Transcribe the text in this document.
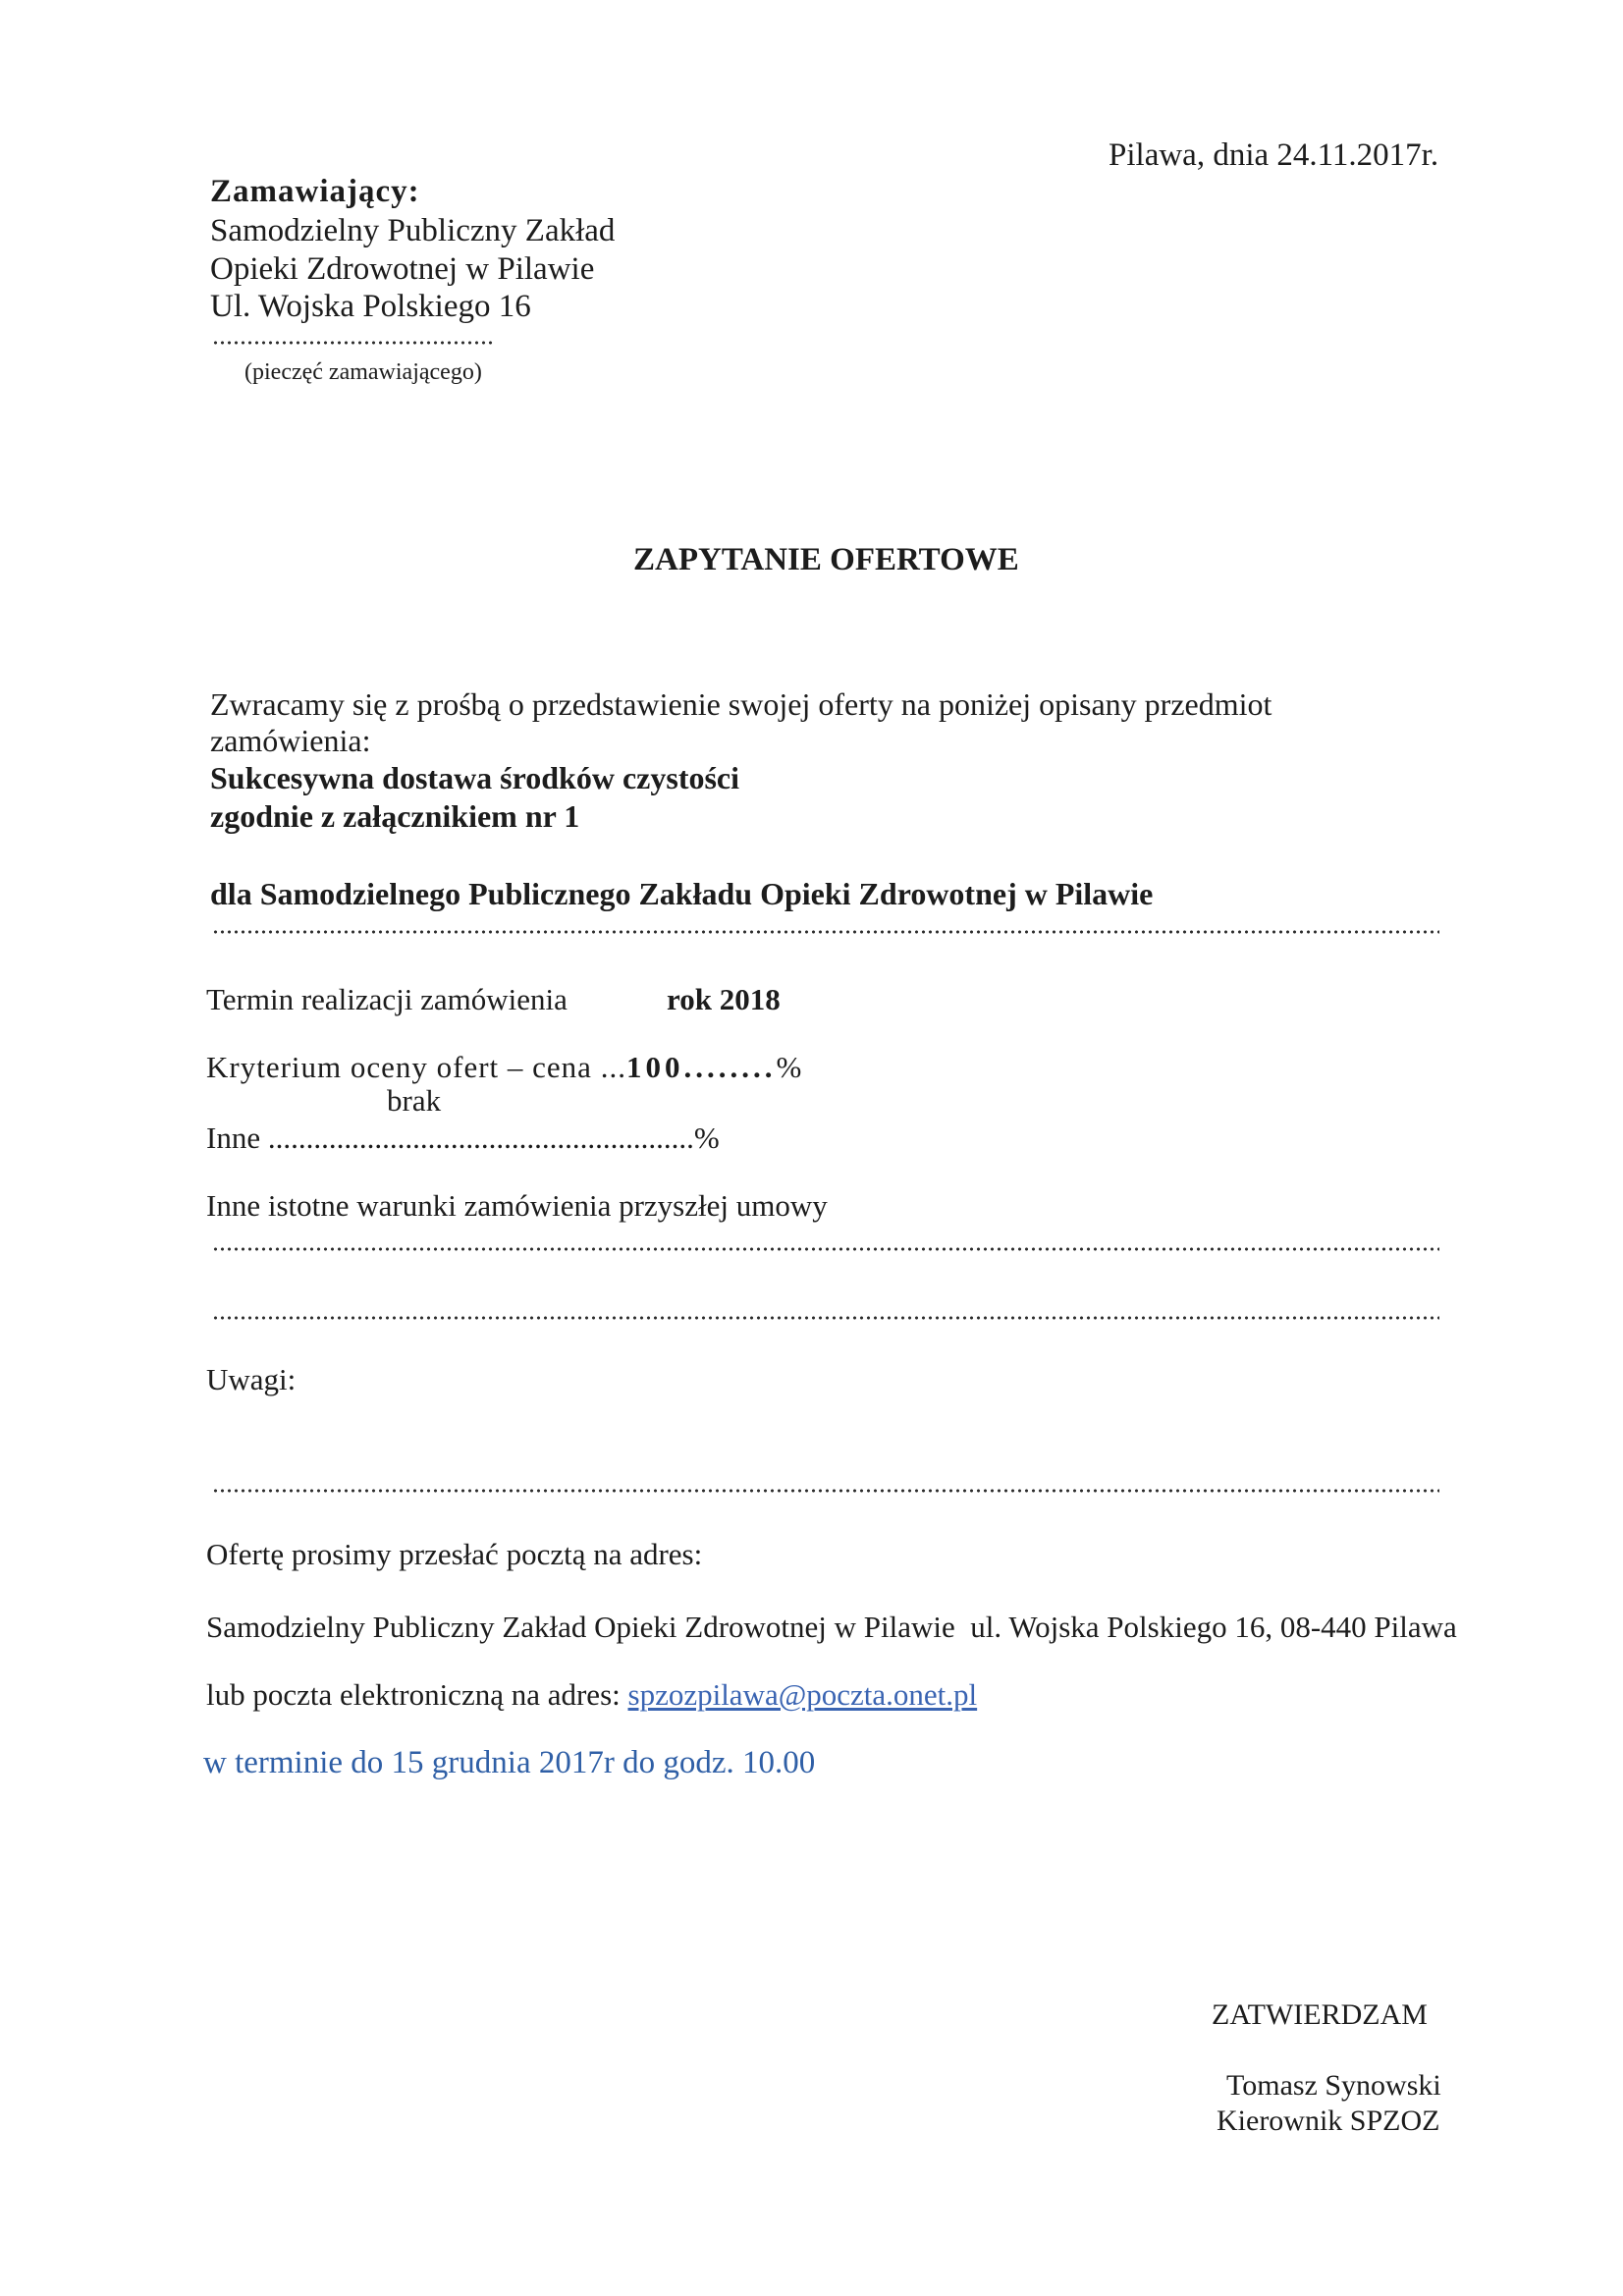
Pilawa, dnia 24.11.2017r.
Zamawiający:
Samodzielny Publiczny Zakład
Opieki Zdrowotnej w Pilawie
Ul. Wojska Polskiego 16
(pieczęć zamawiającego)
ZAPYTANIE OFERTOWE
Zwracamy się z prośbą o przedstawienie swojej oferty na poniżej opisany przedmiot
zamówienia:
Sukcesywna dostawa środków czystości
zgodnie z załącznikiem nr 1
dla Samodzielnego Publicznego Zakładu Opieki Zdrowotnej w Pilawie
Termin realizacji zamówienia	rok 2018
Kryterium oceny ofert – cena ...100........%
brak
Inne ........................................................%
Inne istotne warunki zamówienia przyszłej umowy
Uwagi:
Ofertę prosimy przesłać pocztą na adres:
Samodzielny Publiczny Zakład Opieki Zdrowotnej w Pilawie  ul. Wojska Polskiego 16, 08-440 Pilawa
lub poczta elektroniczną na adres: spzozpilawa@poczta.onet.pl
w terminie do 15 grudnia 2017r do godz. 10.00
ZATWIERDZAM
Tomasz Synowski
Kierownik SPZOZ
